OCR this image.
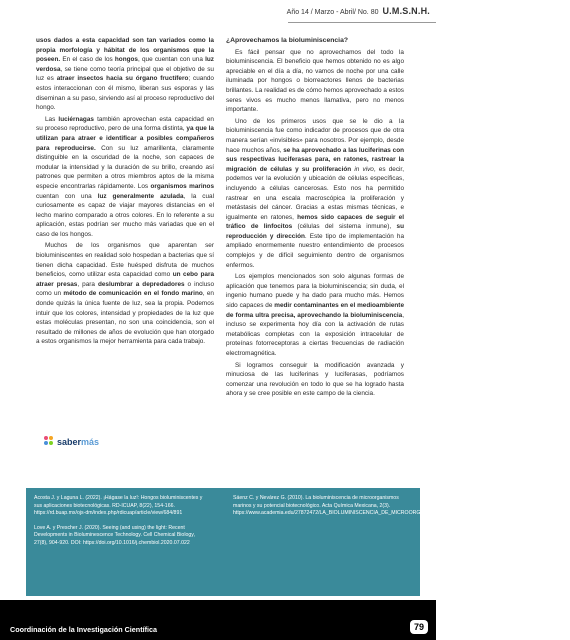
Año 14 / Marzo - Abril/ No. 80 U.M.S.N.H.

usos dados a esta capacidad son tan variados como la propia morfología y hábitat de los organismos que la poseen. En el caso de los hongos, que cuentan con una luz verdosa, se tiene como teoría principal que el objetivo de su luz es atraer insectos hacia su órgano fructífero; cuando estos interaccionan con él mismo, liberan sus esporas y las diseminan a su paso, sirviendo así al proceso reproductivo del hongo.

Las luciérnagas también aprovechan esta capacidad en su proceso reproductivo, pero de una forma distinta, ya que la utilizan para atraer e identificar a posibles compañeros para reproducirse. Con su luz amarillenta, claramente distinguible en la oscuridad de la noche, son capaces de modular la intensidad y la duración de su brillo, creando así patrones que permiten a otros miembros aptos de la misma especie encontrarlas rápidamente. Los organismos marinos cuentan con una luz generalmente azulada, la cual curiosamente es capaz de viajar mayores distancias en el lecho marino comparado a otros colores. En lo referente a su aplicación, estas podrían ser mucho más variadas que en el caso de los hongos.

Muchos de los organismos que aparentan ser bioluminiscentes en realidad solo hospedan a bacterias que sí tienen dicha capacidad. Este huésped disfruta de muchos beneficios, como utilizar esta capacidad como un cebo para atraer presas, para deslumbrar a depredadores o incluso como un método de comunicación en el fondo marino, en donde quizás la única fuente de luz, sea la propia. Podemos intuir que los colores, intensidad y propiedades de la luz que estas moléculas presentan, no son una coincidencia, son el resultado de millones de años de evolución que han otorgado a estos organismos la mejor herramienta para cada trabajo.

¿Aprovechamos la bioluminiscencia?

Es fácil pensar que no aprovechamos del todo la bioluminiscencia. El beneficio que hemos obtenido no es algo apreciable en el día a día, no vamos de noche por una calle iluminada por hongos o biorreactores llenos de bacterias brillantes. La realidad es de cómo hemos aprovechado a estos seres vivos es mucho menos llamativa, pero no menos importante.

Uno de los primeros usos que se le dio a la bioluminiscencia fue como indicador de procesos que de otra manera serían «invisibles» para nosotros. Por ejemplo, desde hace muchos años, se ha aprovechado a las luciferinas con sus respectivas luciferasas para, en ratones, rastrear la migración de células y su proliferación in vivo, es decir, podemos ver la evolución y ubicación de células específicas, incluyendo a células cancerosas. Esto nos ha permitido rastrear en una escala macroscópica la proliferación y metástasis del cáncer. Gracias a estas mismas técnicas, e igualmente en ratones, hemos sido capaces de seguir el tráfico de linfocitos (células del sistema inmune), su reproducción y dirección. Este tipo de implementación ha ampliado enormemente nuestro entendimiento de procesos complejos y de difícil seguimiento dentro de organismos enfermos.

Los ejemplos mencionados son solo algunas formas de aplicación que tenemos para la bioluminiscencia; sin duda, el ingenio humano puede y ha dado para mucho más. Hemos sido capaces de medir contaminantes en el medioambiente de forma ultra precisa, aprovechando la bioluminiscencia, incluso se experimenta hoy día con la activación de rutas metabólicas completas con la exposición intracelular de proteínas fotorreceptoras a ciertas frecuencias de radiación electromagnética.

Si logramos conseguir la modificación avanzada y minuciosa de las luciferinas y luciferasas, podríamos comenzar una revolución en todo lo que se ha logrado hasta ahora y se cree posible en este campo de la ciencia.

sabermás

Acosta J. y Laguna L. (2022). ¡Hágase la luz!: Hongos bioluminiscentes y sus aplicaciones biotecnológicas. RD-ICUAP, 8(22), 154-166. https://rd.buap.mx/ojs-dm/index.php/rdicuap/article/view/684/891

Love A. y Prescher J. (2020). Seeing (and using) the light: Recent Developments in Bioluminescence Technology. Cell Chemical Biology, 27(8), 904-920. DOI: https://doi.org/10.1016/j.chembiol.2020.07.022

Sáenz C. y Nevárez G. (2010). La bioluminiscencia de microorganismos marinos y su potencial biotecnológico. Acta Química Mexicana, 2(3). https://www.academia.edu/27872472/LA_BIOLUMINISCENCIA_DE_MICROORGANISMOS_MARINOS_Y_SU_POTENCIAL_BIOTECNOLÓGICO

Coordinación de la Investigación Científica	79
